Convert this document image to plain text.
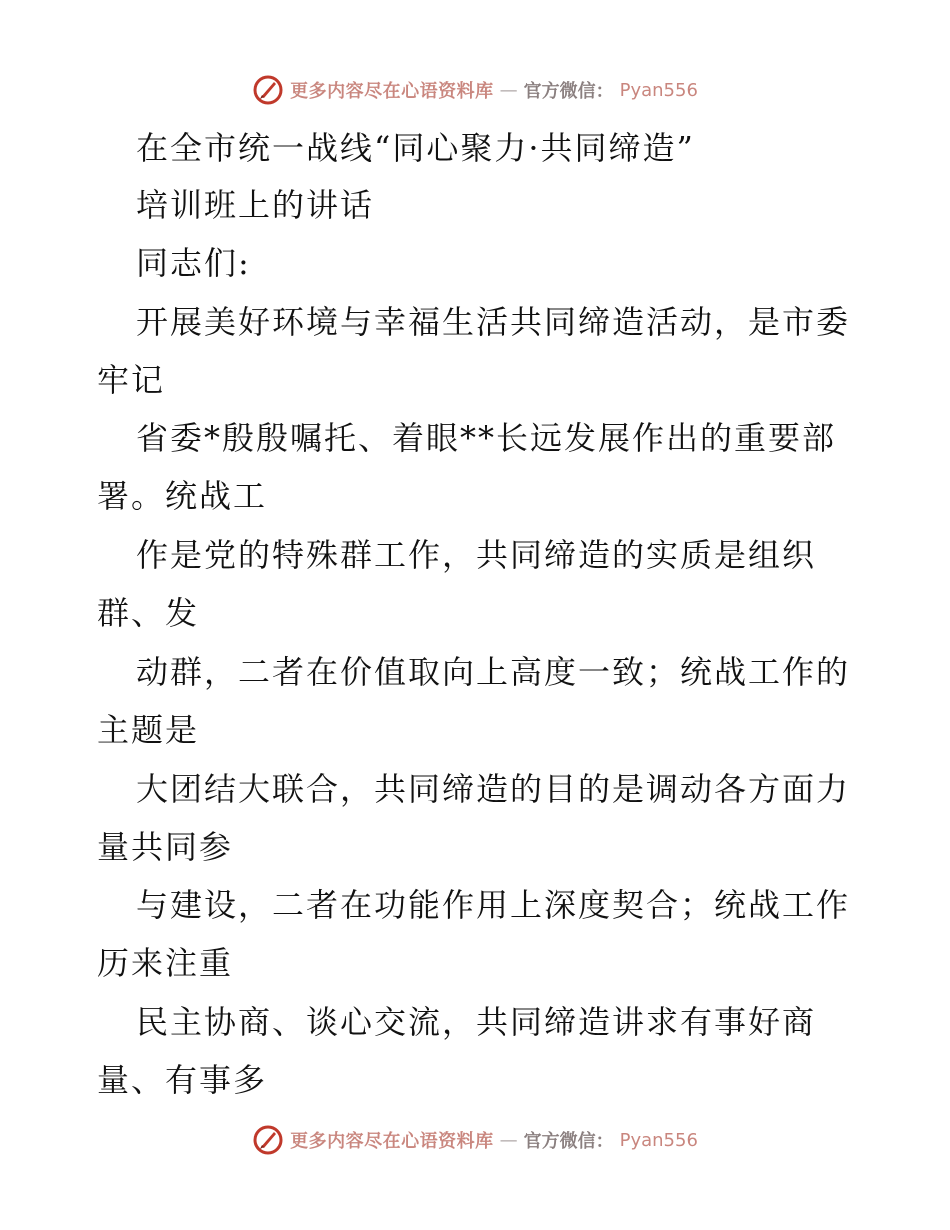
更多内容尽在心语资料库 — 官方微信： Pyan556
在全市统一战线“同心聚力·共同缔造”
培训班上的讲话
同志们:
开展美好环境与幸福生活共同缔造活动，是市委
牢记
省委*殷殷嘱托、着眼**长远发展作出的重要部
署。统战工
作是党的特殊群工作，共同缔造的实质是组织
群、发
动群，二者在价值取向上高度一致；统战工作的
主题是
大团结大联合，共同缔造的目的是调动各方面力
量共同参
与建设，二者在功能作用上深度契合；统战工作
历来注重
民主协商、谈心交流，共同缔造讲求有事好商
量、有事多
更多内容尽在心语资料库 — 官方微信： Pyan556
